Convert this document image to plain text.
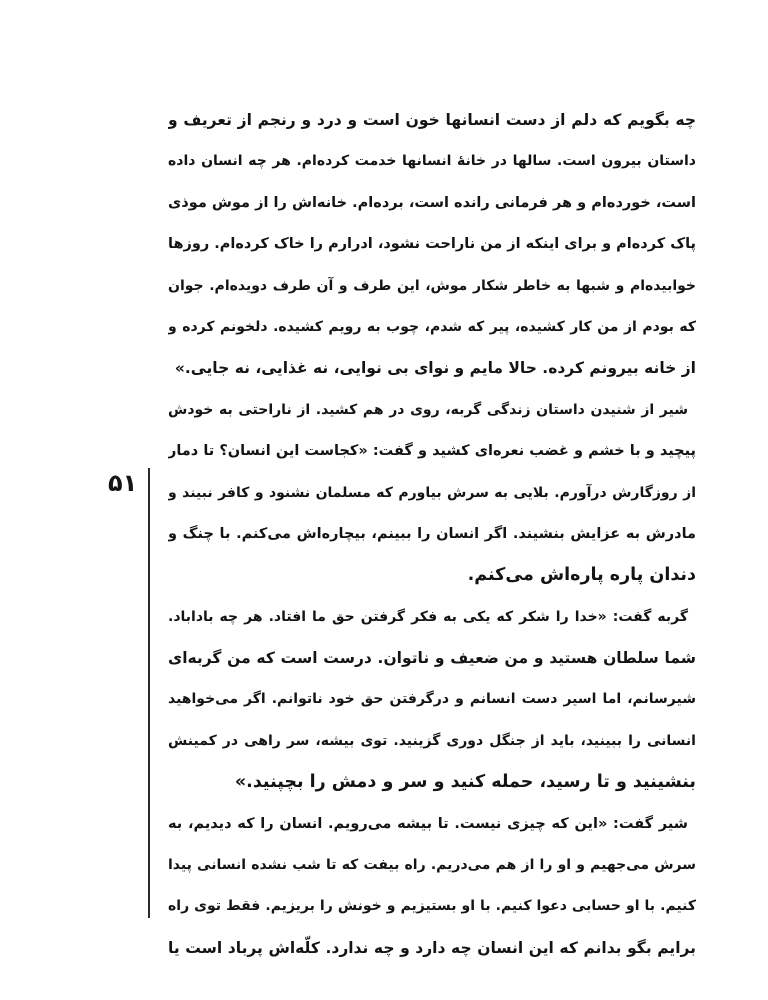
۵۱
چه بگویم که دلم از دست انسانها خون است و درد و رنجم از تعریف و
داستان بیرون است. سالها در خانهٔ انسانها خدمت کرده‌ام. هر چه انسان داده
است، خورده‌ام و هر فرمانی رانده است، برده‌ام. خانه‌اش را از موش موذی
پاک کرده‌ام و برای اینکه از من ناراحت نشود، ادرارم را خاک کرده‌ام. روزها
خوابیده‌ام و شبها به خاطر شکار موش، این طرف و آن طرف دویده‌ام. جوان
که بودم از من کار کشیده، پیر که شدم، چوب به رویم کشیده. دلخونم کرده و
از خانه بیرونم کرده. حالا مایم و نوای بی نوایی، نه غذایی، نه جایی.»
شیر از شنیدن داستان زندگی گربه، روی در هم کشید. از ناراحتی به خودش
پیچید و با خشم و غضب نعره‌ای کشید و گفت: «کجاست این انسان؟ تا دمار
از روزگارش درآورم. بلایی به سرش بیاورم که مسلمان نشنود و کافر نبیند و
مادرش به عزایش بنشیند. اگر انسان را ببینم، بیچاره‌اش می‌کنم. با چنگ و
دندان پاره پاره‌اش می‌کنم.
گربه گفت: «خدا را شکر که یکی به فکر گرفتن حق ما افتاد. هر چه باداباد.
شما سلطان هستید و من ضعیف و ناتوان. درست است که من گربه‌ای
شیرسانم، اما اسیر دست انسانم و درگرفتن حق خود ناتوانم. اگر می‌خواهید
انسانی را ببینید، باید از جنگل دوری گزینید. توی بیشه، سر راهی در کمینش
بنشینید و تا رسید، حمله کنید و سر و دمش را بچپنید.»
شیر گفت: «این که چیزی نیست. تا بیشه می‌رویم. انسان را که دیدیم، به
سرش می‌جهیم و او را از هم می‌دریم. راه بیفت که تا شب نشده انسانی پیدا
کنیم. با او حسابی دعوا کنیم. با او بستیزیم و خونش را بریزیم. فقط توی راه
برایم بگو بدانم که این انسان چه دارد و چه ندارد. کلّه‌اش پرباد است یا
